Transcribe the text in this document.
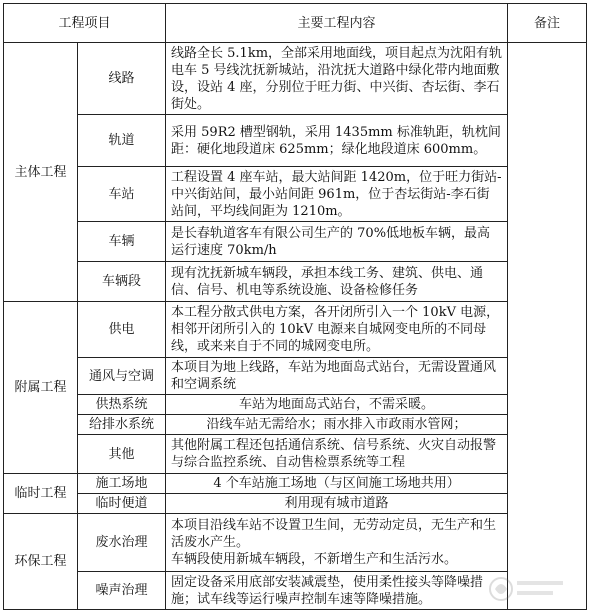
工程项目		主要工程内容	备注
主体工程	线路	线路全长 5.1km，全部采用地面线，项目起点为沈阳有轨电车 5 号线沈抚新城站，沿沈抚大道路中绿化带内地面敷设，设站 4 座，分别位于旺力街、中兴街、杏坛街、李石街处。	
	轨道	采用 59R2 槽型钢轨，采用 1435mm 标准轨距，轨枕间距：硬化地段道床 625mm；绿化地段道床 600mm。	
	车站	工程设置 4 座车站，最大站间距 1420m，位于旺力街站-中兴街站间，最小站间距 961m，位于杏坛街站-李石街站间，平均线间距为 1210m。	
	车辆	是长春轨道客车有限公司生产的 70%低地板车辆，最高运行速度 70km/h	
	车辆段	现有沈抚新城车辆段，承担本线工务、建筑、供电、通信、信号、机电等系统设施、设备检修任务	
附属工程	供电	本工程分散式供电方案，各开闭所引入一个 10kV 电源，相邻开闭所引入的 10kV 电源来自城网变电所的不同母线，或来来自于不同的城网变电所。	
	通风与空调	本项目为地上线路，车站为地面岛式站台，无需设置通风和空调系统	
	供热系统	车站为地面岛式站台，不需采暖。	
	给排水系统	沿线车站无需给水；雨水排入市政雨水管网；	
	其他	其他附属工程还包括通信系统、信号系统、火灾自动报警与综合监控系统、自动售检票系统等工程	
临时工程	施工场地	4 个车站施工场地（与区间施工场地共用）	
	临时便道	利用现有城市道路	
环保工程	废水治理	本项目沿线车站不设置卫生间，无劳动定员，无生产和生活废水产生。
车辆段使用新城车辆段，不新增生产和生活污水。	

	噪声治理	固定设备采用底部安装减震垫，使用柔性接头等降噪措施；试车线等运行噪声控制车速等降噪措施。	
